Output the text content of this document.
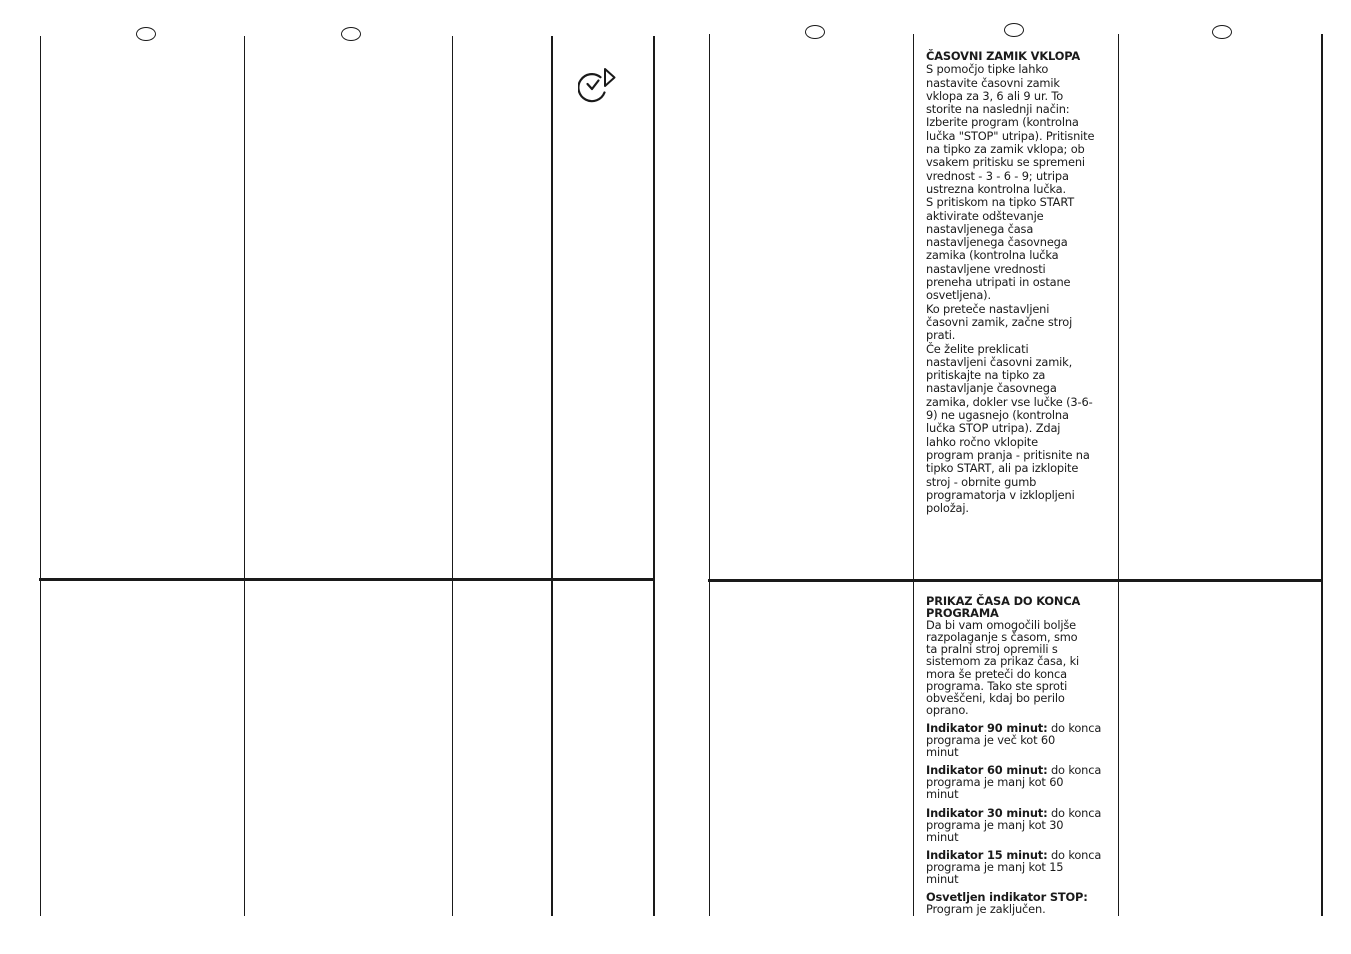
ČASOVNI ZAMIK VKLOPA
S pomočjo tipke lahko
nastavite časovni zamik
vklopa za 3, 6 ali 9 ur. To
storite na naslednji način:
Izberite program (kontrolna
lučka "STOP" utripa). Pritisnite
na tipko za zamik vklopa; ob
vsakem pritisku se spremeni
vrednost - 3 - 6 - 9; utripa
ustrezna kontrolna lučka.
S pritiskom na tipko START
aktivirate odštevanje
nastavljenega časa
nastavljenega časovnega
zamika (kontrolna lučka
nastavljene vrednosti
preneha utripati in ostane
osvetljena).
Ko preteče nastavljeni
časovni zamik, začne stroj
prati.
Če želite preklicati
nastavljeni časovni zamik,
pritiskajte na tipko za
nastavljanje časovnega
zamika, dokler vse lučke (3-6-
9) ne ugasnejo (kontrolna
lučka STOP utripa). Zdaj
lahko ročno vklopite
program pranja - pritisnite na
tipko START, ali pa izklopite
stroj - obrnite gumb
programatorja v izklopljeni
položaj.
PRIKAZ ČASA DO KONCA
PROGRAMA
Da bi vam omogočili boljše
razpolaganje s časom, smo
ta pralni stroj opremili s
sistemom za prikaz časa, ki
mora še preteči do konca
programa. Tako ste sproti
obveščeni, kdaj bo perilo
oprano.
Indikator 90 minut: do konca
programa je več kot 60
minut
Indikator 60 minut: do konca
programa je manj kot 60
minut
Indikator 30 minut: do konca
programa je manj kot 30
minut
Indikator 15 minut: do konca
programa je manj kot 15
minut
Osvetljen indikator STOP:
Program je zaključen.
